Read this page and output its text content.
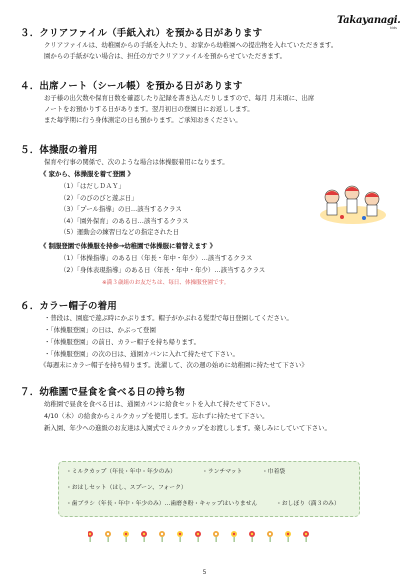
Takayanagi.
kids
３．クリアファイル（手紙入れ）を預かる日があります
クリアファイルは、幼稚園からの手紙を入れたり、お家から幼稚園への提出物を入れていただきます。
園からの手紙がない場合は、担任の方でクリアファイルを預からせていただきます。
４．出席ノート（シール帳）を預かる日があります
お子様の出欠数や保育日数を確認したり記録を書き込んだりしますので、毎月 月末頃に、出席
ノートをお預かりする日があります。翌月初日の登園日にお返しします。
また毎学期に行う身体測定の日も預かります。ご承知おきください。
５．体操服の着用
保育や行事の関係で、次のような場合は体操服着用になります。
《 家から、体操服を着て登園 》
（1）「はだしＤＡＹ」
（2）「のびのびと遊ぶ日」
（3）「プール指導」の日…該当するクラス
（4）「園外保育」のある日…該当するクラス
（5）運動会の練習日などの指定された日
《 制服登園で体操服を持参→幼稚園で体操服に着替えます 》
（1）「体操指導」のある日（年長・年中・年少）…該当するクラス
（2）「身体表現指導」のある日（年長・年中・年少）…該当するクラス
※満３歳組のお友だちは、毎日、体操服登園です。
６．カラー帽子の着用
・普段は、園庭で遊ぶ時にかぶります。帽子がかぶれる髪型で毎日登園してください。
・「体操服登園」の日は、かぶって登園
・「体操服登園」の前日、カラー帽子を持ち帰ります。
・「体操服登園」の次の日は、通園カバンに入れて持たせて下さい。
《毎週末にカラー帽子を持ち帰ります。洗濯して、次の週の始めに幼稚園に持たせて下さい》
７．幼稚園で昼食を食べる日の持ち物
幼稚園で昼食を食べる日は、通園カバンに給食セットを入れて持たせて下さい。
4/10（木）の給食からミルクカップを使用します。忘れずに持たせて下さい。
新入園、年少への進級のお友達は入園式でミルクカップをお渡しします。楽しみにしていて下さい。
・ミルクカップ（年長・年中・年少のみ）	・ランチマット	・巾着袋
・おはしセット（はし、スプーン、フォーク）
・歯ブラシ（年長・年中・年少のみ）…歯磨き粉・キャップはいりません	・おしぼり（満３のみ）
5
